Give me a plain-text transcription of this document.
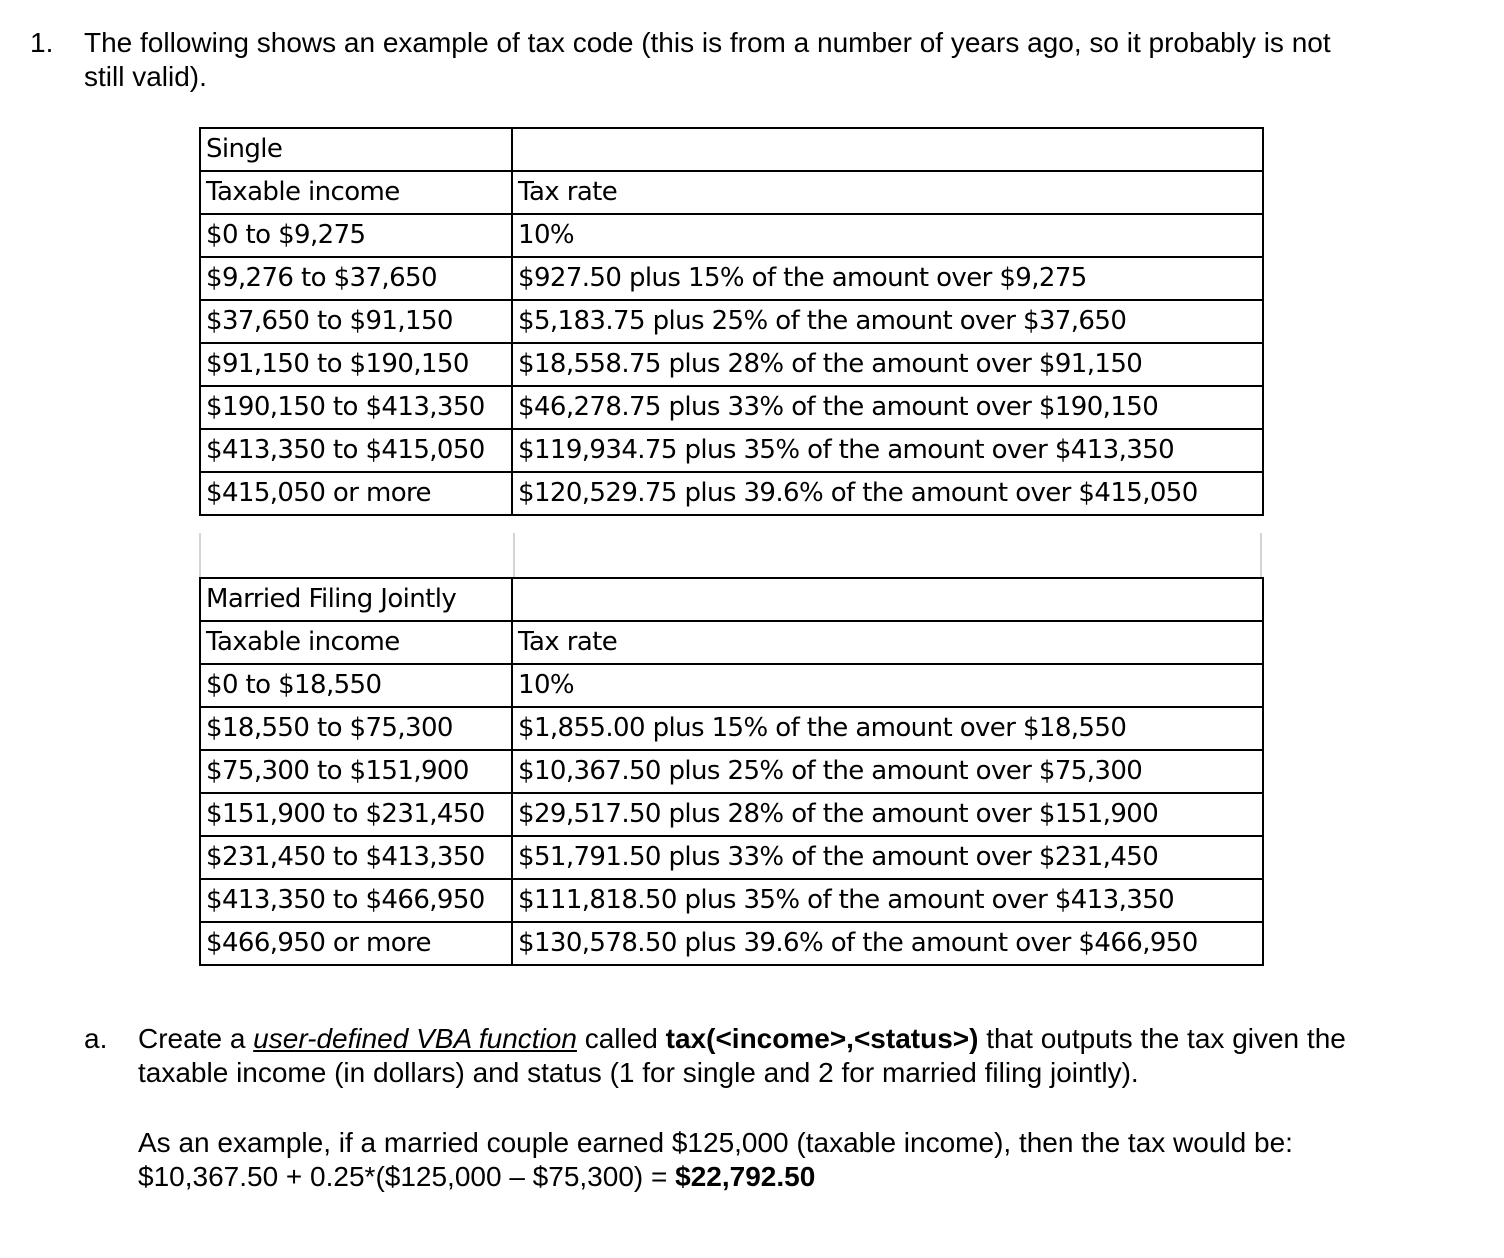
1. The following shows an example of tax code (this is from a number of years ago, so it probably is not
still valid).
Single	
Taxable income	Tax rate
$0 to $9,275	10%
$9,276 to $37,650	$927.50 plus 15% of the amount over $9,275
$37,650 to $91,150	$5,183.75 plus 25% of the amount over $37,650
$91,150 to $190,150	$18,558.75 plus 28% of the amount over $91,150
$190,150 to $413,350	$46,278.75 plus 33% of the amount over $190,150
$413,350 to $415,050	$119,934.75 plus 35% of the amount over $413,350
$415,050 or more	$120,529.75 plus 39.6% of the amount over $415,050
Married Filing Jointly	
Taxable income	Tax rate
$0 to $18,550	10%
$18,550 to $75,300	$1,855.00 plus 15% of the amount over $18,550
$75,300 to $151,900	$10,367.50 plus 25% of the amount over $75,300
$151,900 to $231,450	$29,517.50 plus 28% of the amount over $151,900
$231,450 to $413,350	$51,791.50 plus 33% of the amount over $231,450
$413,350 to $466,950	$111,818.50 plus 35% of the amount over $413,350
$466,950 or more	$130,578.50 plus 39.6% of the amount over $466,950
a. Create a user-defined VBA function called tax(<income>,<status>) that outputs the tax given the
taxable income (in dollars) and status (1 for single and 2 for married filing jointly).
As an example, if a married couple earned $125,000 (taxable income), then the tax would be:
$10,367.50 + 0.25*($125,000 – $75,300) = $22,792.50
